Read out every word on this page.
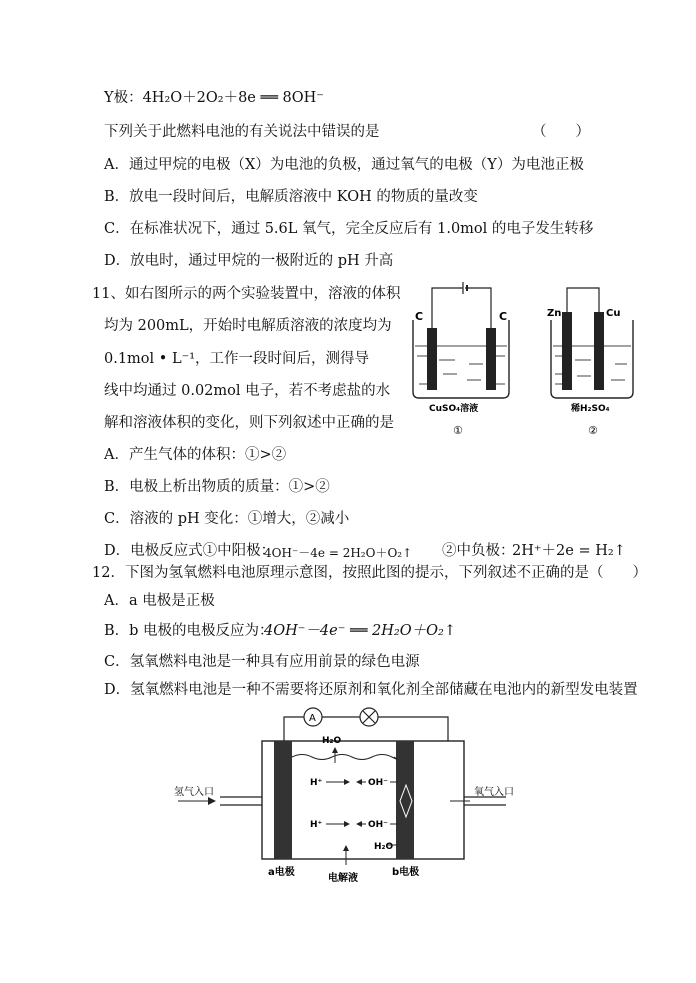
Y极：4H₂O＋2O₂＋8e ══ 8OH⁻
下列关于此燃料电池的有关说法中错误的是	（　　）
A．通过甲烷的电极（X）为电池的负极，通过氧气的电极（Y）为电池正极
B．放电一段时间后，电解质溶液中 KOH 的物质的量改变
C．在标准状况下，通过 5.6L 氧气，完全反应后有 1.0mol 的电子发生转移
D．放电时，通过甲烷的一极附近的 pH 升高
11、如右图所示的两个实验装置中，溶液的体积
均为 200mL，开始时电解质溶液的浓度均为
0.1mol • L⁻¹，工作一段时间后，测得导
线中均通过 0.02mol 电子，若不考虑盐的水
解和溶液体积的变化，则下列叙述中正确的是
A．产生气体的体积：①>②
B．电极上析出物质的质量：①>②
C．溶液的 pH 变化：①增大，②减小
D．电极反应式①中阳极：
4OH⁻－4e = 2H₂O＋O₂↑ ②中负极：
2H⁺＋2e = H₂↑
C	C
CuSO₄溶液
①
Zn	Cu
稀H₂SO₄
②
12．下图为氢氧燃料电池原理示意图，按照此图的提示，下列叙述不正确的是（　　）
A．a 电极是正极
B．b 电极的电极反应为：
4OH⁻－4e⁻ ══ 2H₂O＋O₂↑
C．氢氧燃料电池是一种具有应用前景的绿色电源
D．氢氧燃料电池是一种不需要将还原剂和氧化剂全部储藏在电池内的新型发电装置
A
H₂O
H⁺	OH⁻
H⁺	OH⁻
H₂O
氢气入口	氧气入口
a电极
电解液
b电极
